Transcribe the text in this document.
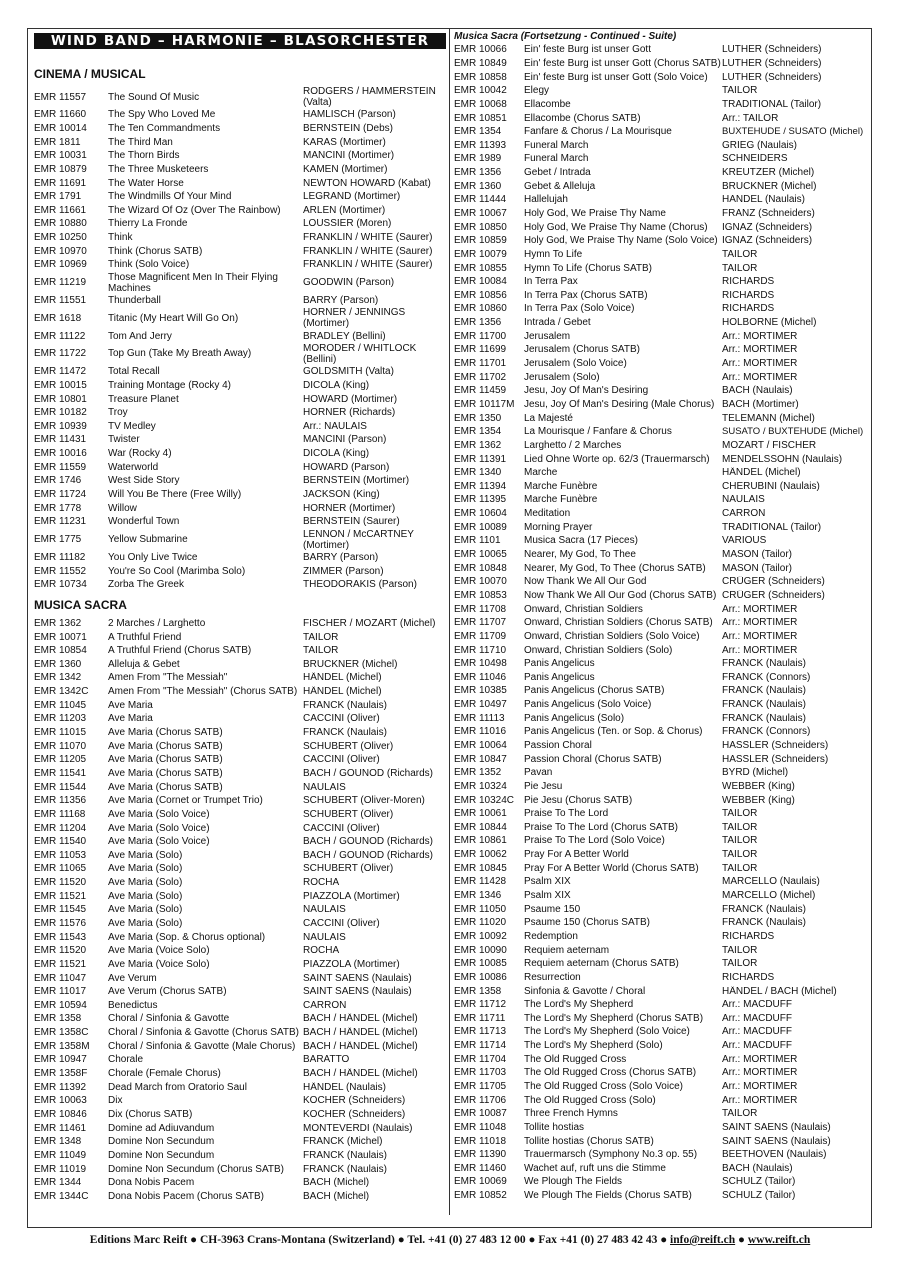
WIND BAND – HARMONIE – BLASORCHESTER
CINEMA / MUSICAL
EMR 11557	The Sound Of Music	RODGERS / HAMMERSTEIN (Valta)
EMR 11660	The Spy Who Loved Me	HAMLISCH (Parson)
EMR 10014	The Ten Commandments	BERNSTEIN (Debs)
EMR 1811	The Third Man	KARAS (Mortimer)
EMR 10031	The Thorn Birds	MANCINI (Mortimer)
EMR 10879	The Three Musketeers	KAMEN (Mortimer)
EMR 11691	The Water Horse	NEWTON HOWARD (Kabat)
EMR 1791	The Windmills Of Your Mind	LEGRAND (Mortimer)
EMR 11661	The Wizard Of Oz (Over The Rainbow)	ARLEN (Mortimer)
EMR 10880	Thierry La Fronde	LOUSSIER (Moren)
EMR 10250	Think	FRANKLIN / WHITE (Saurer)
EMR 10970	Think (Chorus SATB)	FRANKLIN / WHITE (Saurer)
EMR 10969	Think (Solo Voice)	FRANKLIN / WHITE (Saurer)
EMR 11219	Those Magnificent Men In Their Flying Machines	GOODWIN (Parson)
EMR 11551	Thunderball	BARRY (Parson)
EMR 1618	Titanic (My Heart Will Go On)	HORNER / JENNINGS (Mortimer)
EMR 11122	Tom And Jerry	BRADLEY (Bellini)
EMR 11722	Top Gun (Take My Breath Away)	MORODER / WHITLOCK (Bellini)
EMR 11472	Total Recall	GOLDSMITH (Valta)
EMR 10015	Training Montage (Rocky 4)	DICOLA (King)
EMR 10801	Treasure Planet	HOWARD (Mortimer)
EMR 10182	Troy	HORNER (Richards)
EMR 10939	TV Medley	Arr.: NAULAIS
EMR 11431	Twister	MANCINI (Parson)
EMR 10016	War (Rocky 4)	DICOLA (King)
EMR 11559	Waterworld	HOWARD (Parson)
EMR 1746	West Side Story	BERNSTEIN (Mortimer)
EMR 11724	Will You Be There (Free Willy)	JACKSON (King)
EMR 1778	Willow	HORNER (Mortimer)
EMR 11231	Wonderful Town	BERNSTEIN (Saurer)
EMR 1775	Yellow Submarine	LENNON / McCARTNEY (Mortimer)
EMR 11182	You Only Live Twice	BARRY (Parson)
EMR 11552	You're So Cool (Marimba Solo)	ZIMMER (Parson)
EMR 10734	Zorba The Greek	THEODORAKIS (Parson)
MUSICA SACRA
EMR 1362	2 Marches / Larghetto	FISCHER / MOZART (Michel)
EMR 10071	A Truthful Friend	TAILOR
EMR 10854	A Truthful Friend (Chorus SATB)	TAILOR
EMR 1360	Alleluja & Gebet	BRUCKNER (Michel)
EMR 1342	Amen From "The Messiah"	HÄNDEL (Michel)
EMR 1342C	Amen From "The Messiah" (Chorus SATB) HÄNDEL (Michel)
EMR 11045	Ave Maria	FRANCK (Naulais)
EMR 11203	Ave Maria	CACCINI (Oliver)
EMR 11015	Ave Maria (Chorus SATB)	FRANCK (Naulais)
EMR 11070	Ave Maria (Chorus SATB)	SCHUBERT (Oliver)
EMR 11205	Ave Maria (Chorus SATB)	CACCINI (Oliver)
EMR 11541	Ave Maria (Chorus SATB)	BACH / GOUNOD (Richards)
EMR 11544	Ave Maria (Chorus SATB)	NAULAIS
EMR 11356	Ave Maria (Cornet or Trumpet Trio)	SCHUBERT (Oliver-Moren)
EMR 11168	Ave Maria (Solo Voice)	SCHUBERT (Oliver)
EMR 11204	Ave Maria (Solo Voice)	CACCINI (Oliver)
EMR 11540	Ave Maria (Solo Voice)	BACH / GOUNOD (Richards)
EMR 11053	Ave Maria (Solo)	BACH / GOUNOD (Richards)
EMR 11065	Ave Maria (Solo)	SCHUBERT (Oliver)
EMR 11520	Ave Maria (Solo)	ROCHA
EMR 11521	Ave Maria (Solo)	PIAZZOLA (Mortimer)
EMR 11545	Ave Maria (Solo)	NAULAIS
EMR 11576	Ave Maria (Solo)	CACCINI (Oliver)
EMR 11543	Ave Maria (Sop. & Chorus optional)	NAULAIS
EMR 11520	Ave Maria (Voice Solo)	ROCHA
EMR 11521	Ave Maria (Voice Solo)	PIAZZOLA (Mortimer)
EMR 11047	Ave Verum	SAINT SAENS (Naulais)
EMR 11017	Ave Verum (Chorus SATB)	SAINT SAENS (Naulais)
EMR 10594	Benedictus	CARRON
EMR 1358	Choral / Sinfonia & Gavotte	BACH / HÄNDEL (Michel)
EMR 1358C	Choral / Sinfonia & Gavotte (Chorus SATB) BACH / HÄNDEL (Michel)
EMR 1358M	Choral / Sinfonia & Gavotte (Male Chorus) BACH / HÄNDEL (Michel)
EMR 10947	Chorale	BARATTO
EMR 1358F	Chorale (Female Chorus)	BACH / HÄNDEL (Michel)
EMR 11392	Dead March from Oratorio Saul	HÄNDEL (Naulais)
EMR 10063	Dix	KOCHER (Schneiders)
EMR 10846	Dix (Chorus SATB)	KOCHER (Schneiders)
EMR 11461	Domine ad Adiuvandum	MONTEVERDI (Naulais)
EMR 1348	Domine Non Secundum	FRANCK (Michel)
EMR 11049	Domine Non Secundum	FRANCK (Naulais)
EMR 11019	Domine Non Secundum (Chorus SATB)	FRANCK (Naulais)
EMR 1344	Dona Nobis Pacem	BACH (Michel)
EMR 1344C	Dona Nobis Pacem (Chorus SATB)	BACH (Michel)
Musica Sacra (Fortsetzung - Continued - Suite)
EMR 10066	Ein' feste Burg ist unser Gott	LUTHER (Schneiders)
EMR 10849	Ein' feste Burg ist unser Gott (Chorus SATB) LUTHER (Schneiders)
EMR 10858	Ein' feste Burg ist unser Gott (Solo Voice)	LUTHER (Schneiders)
EMR 10042	Elegy	TAILOR
EMR 10068	Ellacombe	TRADITIONAL (Tailor)
EMR 10851	Ellacombe (Chorus SATB)	Arr.: TAILOR
EMR 1354	Fanfare & Chorus / La Mourisque	BUXTEHUDE / SUSATO (Michel)
EMR 11393	Funeral March	GRIEG (Naulais)
EMR 1989	Funeral March	SCHNEIDERS
EMR 1356	Gebet / Intrada	KREUTZER (Michel)
EMR 1360	Gebet & Alleluja	BRUCKNER (Michel)
EMR 11444	Hallelujah	HANDEL (Naulais)
EMR 10067	Holy God, We Praise Thy Name	FRANZ (Schneiders)
EMR 10850	Holy God, We Praise Thy Name (Chorus)	IGNAZ (Schneiders)
EMR 10859	Holy God, We Praise Thy Name (Solo Voice) IGNAZ (Schneiders)
EMR 10079	Hymn To Life	TAILOR
EMR 10855	Hymn To Life (Chorus SATB)	TAILOR
EMR 10084	In Terra Pax	RICHARDS
EMR 10856	In Terra Pax (Chorus SATB)	RICHARDS
EMR 10860	In Terra Pax (Solo Voice)	RICHARDS
EMR 1356	Intrada / Gebet	HOLBORNE (Michel)
EMR 11700	Jerusalem	Arr.: MORTIMER
EMR 11699	Jerusalem (Chorus SATB)	Arr.: MORTIMER
EMR 11701	Jerusalem (Solo Voice)	Arr.: MORTIMER
EMR 11702	Jerusalem (Solo)	Arr.: MORTIMER
EMR 11459	Jesu, Joy Of Man's Desiring	BACH (Naulais)
EMR 10117M Jesu, Joy Of Man's Desiring (Male Chorus) BACH (Mortimer)
EMR 1350	La Majesté	TELEMANN (Michel)
EMR 1354	La Mourisque / Fanfare & Chorus	SUSATO / BUXTEHUDE (Michel)
EMR 1362	Larghetto / 2 Marches	MOZART / FISCHER
EMR 11391	Lied Ohne Worte op. 62/3 (Trauermarsch)	MENDELSSOHN (Naulais)
EMR 1340	Marche	HÄNDEL (Michel)
EMR 11394	Marche Funèbre	CHERUBINI (Naulais)
EMR 11395	Marche Funèbre	NAULAIS
EMR 10604	Meditation	CARRON
EMR 10089	Morning Prayer	TRADITIONAL (Tailor)
EMR 1101	Musica Sacra (17 Pieces)	VARIOUS
EMR 10065	Nearer, My God, To Thee	MASON (Tailor)
EMR 10848	Nearer, My God, To Thee (Chorus SATB)	MASON (Tailor)
EMR 10070	Now Thank We All Our God	CRÜGER (Schneiders)
EMR 10853	Now Thank We All Our God (Chorus SATB) CRÜGER (Schneiders)
EMR 11708	Onward, Christian Soldiers	Arr.: MORTIMER
EMR 11707	Onward, Christian Soldiers (Chorus SATB) Arr.: MORTIMER
EMR 11709	Onward, Christian Soldiers (Solo Voice)	Arr.: MORTIMER
EMR 11710	Onward, Christian Soldiers (Solo)	Arr.: MORTIMER
EMR 10498	Panis Angelicus	FRANCK (Naulais)
EMR 11046	Panis Angelicus	FRANCK (Connors)
EMR 10385	Panis Angelicus (Chorus SATB)	FRANCK (Naulais)
EMR 10497	Panis Angelicus (Solo Voice)	FRANCK (Naulais)
EMR 11113	Panis Angelicus (Solo)	FRANCK (Naulais)
EMR 11016	Panis Angelicus (Ten. or Sop. & Chorus)	FRANCK (Connors)
EMR 10064	Passion Choral	HASSLER (Schneiders)
EMR 10847	Passion Choral (Chorus SATB)	HASSLER (Schneiders)
EMR 1352	Pavan	BYRD (Michel)
EMR 10324	Pie Jesu	WEBBER (King)
EMR 10324C Pie Jesu (Chorus SATB)	WEBBER (King)
EMR 10061	Praise To The Lord	TAILOR
EMR 10844	Praise To The Lord (Chorus SATB)	TAILOR
EMR 10861	Praise To The Lord (Solo Voice)	TAILOR
EMR 10062	Pray For A Better World	TAILOR
EMR 10845	Pray For A Better World (Chorus SATB)	TAILOR
EMR 11428	Psalm XIX	MARCELLO (Naulais)
EMR 1346	Psalm XIX	MARCELLO (Michel)
EMR 11050	Psaume 150	FRANCK (Naulais)
EMR 11020	Psaume 150 (Chorus SATB)	FRANCK (Naulais)
EMR 10092	Redemption	RICHARDS
EMR 10090	Requiem aeternam	TAILOR
EMR 10085	Requiem aeternam (Chorus SATB)	TAILOR
EMR 10086	Resurrection	RICHARDS
EMR 1358	Sinfonia & Gavotte / Choral	HÄNDEL / BACH (Michel)
EMR 11712	The Lord's My Shepherd	Arr.: MACDUFF
EMR 11711	The Lord's My Shepherd (Chorus SATB)	Arr.: MACDUFF
EMR 11713	The Lord's My Shepherd (Solo Voice)	Arr.: MACDUFF
EMR 11714	The Lord's My Shepherd (Solo)	Arr.: MACDUFF
EMR 11704	The Old Rugged Cross	Arr.: MORTIMER
EMR 11703	The Old Rugged Cross (Chorus SATB)	Arr.: MORTIMER
EMR 11705	The Old Rugged Cross (Solo Voice)	Arr.: MORTIMER
EMR 11706	The Old Rugged Cross (Solo)	Arr.: MORTIMER
EMR 10087	Three French Hymns	TAILOR
EMR 11048	Tollite hostias	SAINT SAENS (Naulais)
EMR 11018	Tollite hostias (Chorus SATB)	SAINT SAENS (Naulais)
EMR 11390	Trauermarsch (Symphony No.3 op. 55)	BEETHOVEN (Naulais)
EMR 11460	Wachet auf, ruft uns die Stimme	BACH (Naulais)
EMR 10069	We Plough The Fields	SCHULZ (Tailor)
EMR 10852	We Plough The Fields (Chorus SATB)	SCHULZ (Tailor)
Editions Marc Reift ● CH-3963 Crans-Montana (Switzerland) ● Tel. +41 (0) 27 483 12 00 ● Fax +41 (0) 27 483 42 43 ● info@reift.ch ● www.reift.ch
